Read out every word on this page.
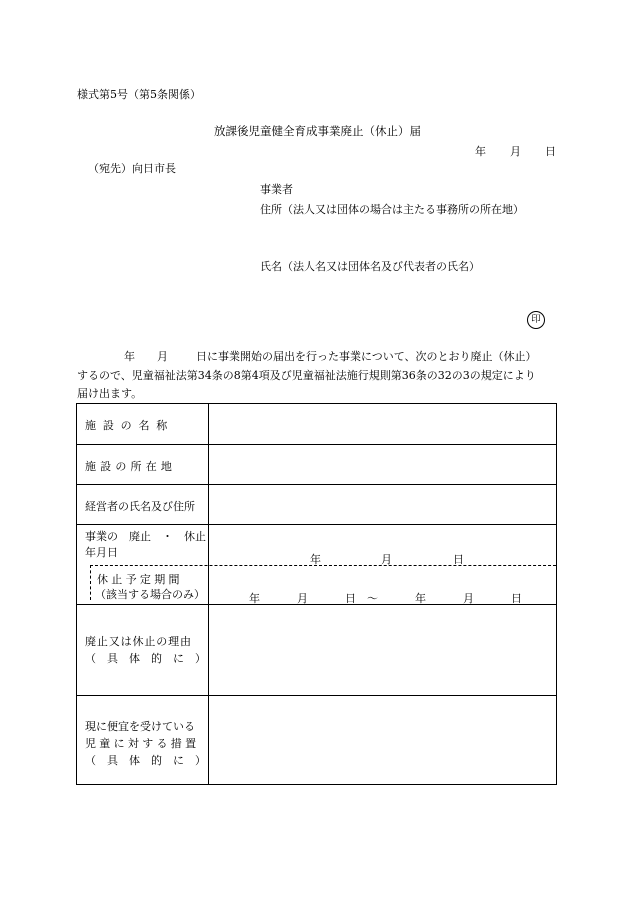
様式第5号（第5条関係）
放課後児童健全育成事業廃止（休止）届
年 月 日
（宛先）向日市長
事業者
住所（法人又は団体の場合は主たる事務所の所在地）
氏名（法人名又は団体名及び代表者の氏名）
印
年 月	日に事業開始の届出を行った事業について、次のとおり廃止（休止）
するので、児童福祉法第34条の8第4項及び児童福祉法施行規則第36条の32の3の規定により
届け出ます。
施設の名称
施設の所在地
経営者の氏名及び住所
事業の　廃止　・　休止
年月日
年	月	日
休止予定期間
（該当する場合のみ）	年	月	日 ～	年	月	日
廃止又は休止の理由
（　具　体　的　に　）
現に便宜を受けている
児童に対する措置
（　具　体　的　に　）
